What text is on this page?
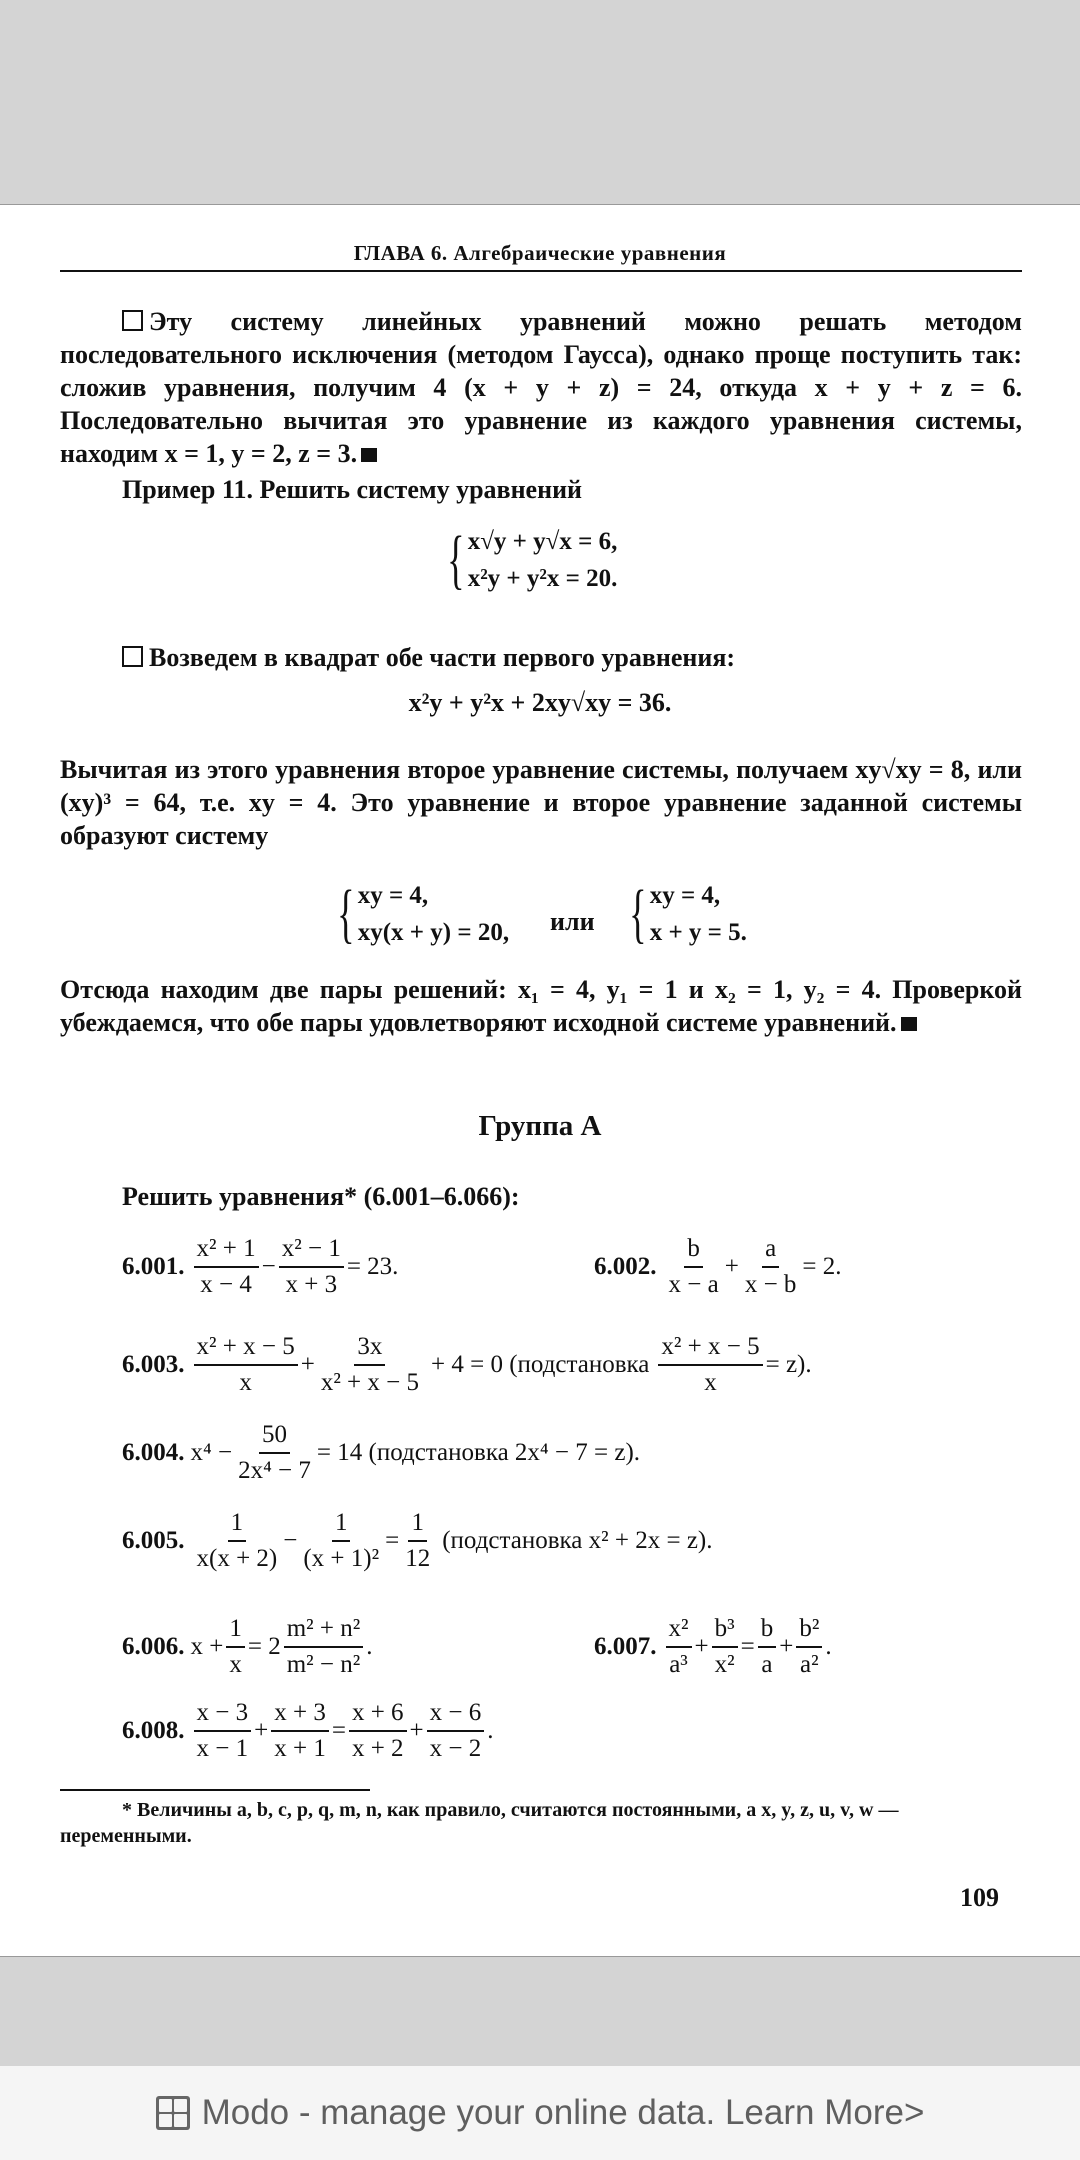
ГЛАВА 6. Алгебраические уравнения
Эту систему линейных уравнений можно решать методом последовательного исключения (методом Гаусса), однако проще поступить так: сложив уравнения, получим 4 (x + y + z) = 24, откуда x + y + z = 6. Последовательно вычитая это уравнение из каждого уравнения системы, находим x = 1, y = 2, z = 3.
Пример 11. Решить систему уравнений
{ x√y + y√x = 6,
x²y + y²x = 20.
Возведем в квадрат обе части первого уравнения:
x²y + y²x + 2xy√xy = 36.
Вычитая из этого уравнения второе уравнение системы, получаем xy√xy = 8, или (xy)³ = 64, т.е. xy = 4. Это уравнение и второе уравнение заданной системы образуют систему
{ xy = 4,
xy(x + y) = 20, или { xy = 4,
x + y = 5.
Отсюда находим две пары решений: x₁ = 4, y₁ = 1 и x₂ = 1, y₂ = 4. Проверкой убеждаемся, что обе пары удовлетворяют исходной системе уравнений.
Группа А
Решить уравнения* (6.001–6.066):
6.001. $\frac{\text{x² + 1}}{x - 4} - \frac{\text{x² − 1}}{x + 3} = 23$.	6.002. $\frac{b}{x - a} + \frac{a}{x - b} = 2$.
6.003. $\frac{\text{x² + x − 5}}{x} + \frac{3x}{\text{x² + x − 5}} + 4 = 0$ (подстановка $\frac{\text{x² + x − 5}}{x} = z$).
6.004. $x^4 - \frac{50}{\text{2x⁴ − 7}} = 14$ (подстановка 2x⁴ − 7 = z).
6.005. $\frac{1}{x(x + 2)} - \frac{1}{\text{(x + 1)²}} = \frac{1}{12}$ (подстановка x² + 2x = z).
6.006. $x + \frac{1}{x} = 2 \frac{\text{m² + n²}}{\text{m² − n²}}$ .	6.007. $\frac{\text{x²}}{\text{a³}} + \frac{\text{b³}}{\text{x²}} = \frac{b}{a} + \frac{\text{b²}}{\text{a²}}$ .
6.008. $\frac{x - 3}{x - 1} + \frac{x + 3}{x + 1} = \frac{x + 6}{x + 2} + \frac{x - 6}{x - 2}$ .
* Величины a, b, c, p, q, m, n, как правило, считаются постоянными, а x, y, z, u, v, w — переменными.
109
Modo - manage your online data. Learn More>
